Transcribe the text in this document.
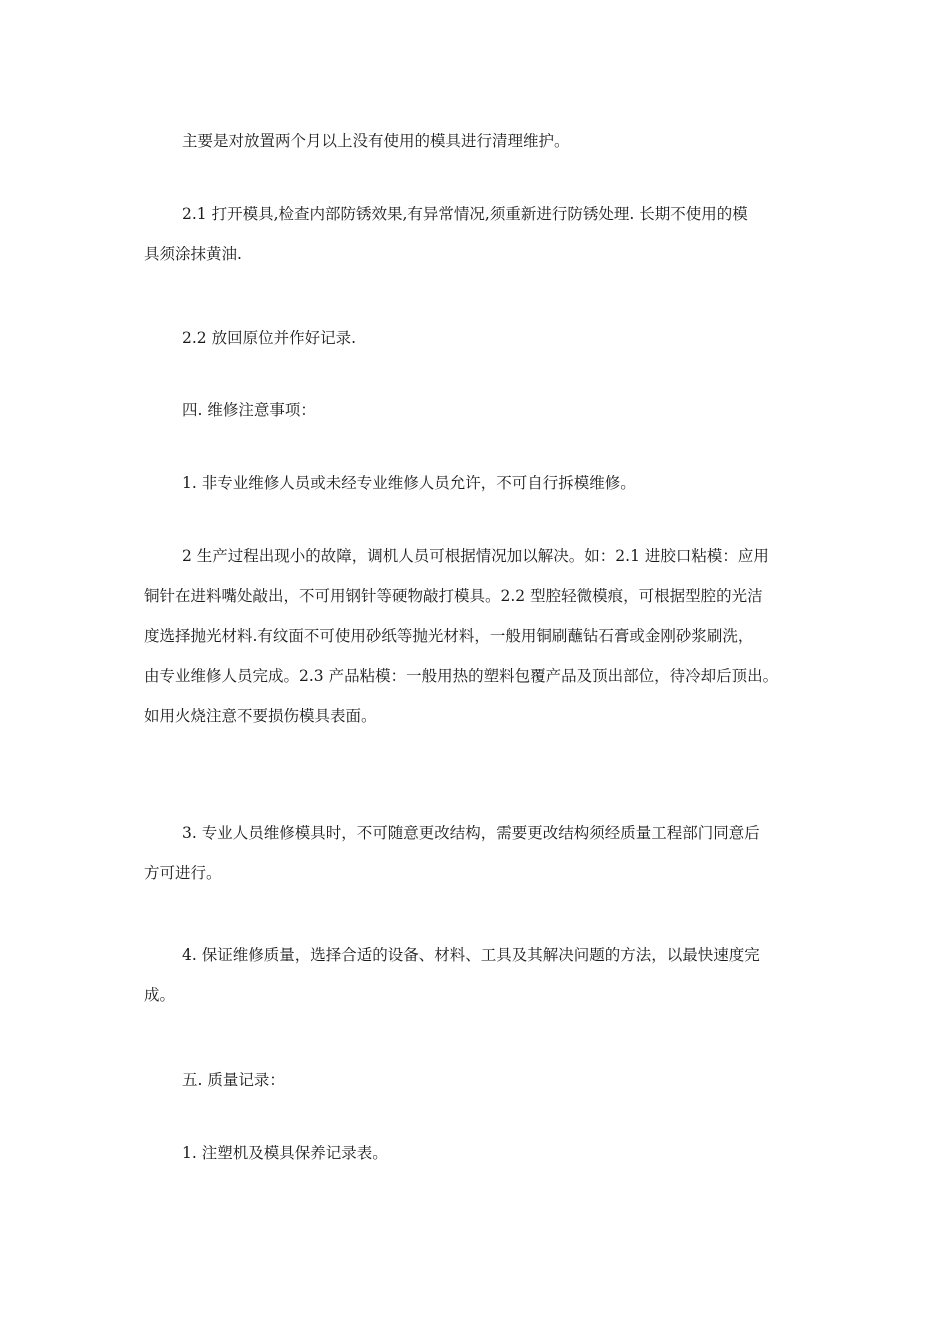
主要是对放置两个月以上没有使用的模具进行清理维护。

2.1 打开模具,检查内部防锈效果,有异常情况,须重新进行防锈处理. 长期不使用的模
具须涂抹黄油.

2.2 放回原位并作好记录.

四. 维修注意事项：

1. 非专业维修人员或未经专业维修人员允许，不可自行拆模维修。

2 生产过程出现小的故障，调机人员可根据情况加以解决。如：2.1 进胶口粘模：应用
铜针在进料嘴处敲出，不可用钢针等硬物敲打模具。2.2 型腔轻微模痕，可根据型腔的光洁
度选择抛光材料.有纹面不可使用砂纸等抛光材料，一般用铜刷蘸钻石膏或金刚砂浆刷洗，
由专业维修人员完成。2.3 产品粘模：一般用热的塑料包覆产品及顶出部位，待冷却后顶出。
如用火烧注意不要损伤模具表面。

3. 专业人员维修模具时，不可随意更改结构，需要更改结构须经质量工程部门同意后
方可进行。

4. 保证维修质量，选择合适的设备、材料、工具及其解决问题的方法，以最快速度完
成。

五. 质量记录：

1. 注塑机及模具保养记录表。
